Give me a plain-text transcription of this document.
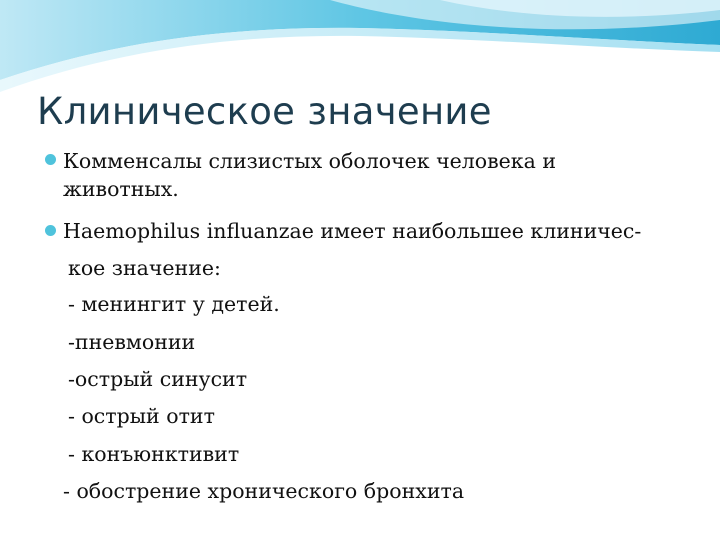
Клиническое значение
Комменсалы слизистых оболочек человека и
животных.
Haemophilus influanzae имеет наибольшее клиничес-
кое значение:
- менингит у детей.
-пневмонии
-острый синусит
- острый отит
- конъюнктивит
- обострение хронического бронхита
